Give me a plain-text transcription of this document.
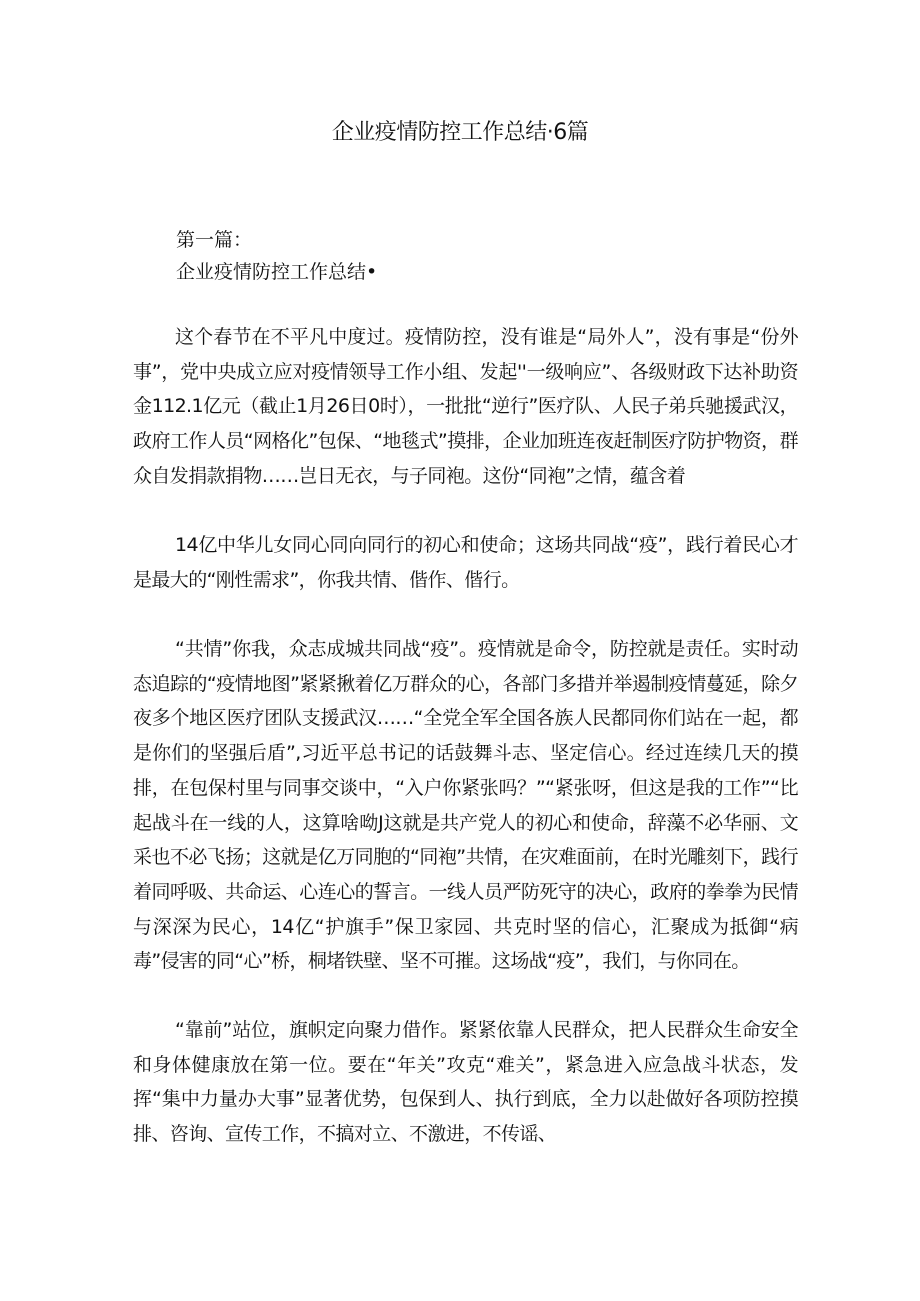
企业疫情防控工作总结·6篇

第一篇：

企业疫情防控工作总结•

这个春节在不平凡中度过。疫情防控，没有谁是“局外人”，没有事是“份外事”，党中央成立应对疫情领导工作小组、发起''一级响应”、各级财政下达补助资金112.1亿元（截止1月26日0时），一批批“逆行”医疗队、人民子弟兵驰援武汉，政府工作人员“网格化”包保、“地毯式”摸排，企业加班连夜赶制医疗防护物资，群众自发捐款捐物……岂日无衣，与子同袍。这份“同袍”之情，蕴含着

14亿中华儿女同心同向同行的初心和使命；这场共同战“疫”，践行着民心才是最大的“刚性需求”，你我共情、偕作、偕行。

“共情”你我，众志成城共同战“疫”。疫情就是命令，防控就是责任。实时动态追踪的“疫情地图”紧紧揪着亿万群众的心，各部门多措并举遏制疫情蔓延，除夕夜多个地区医疗团队支援武汉……“全党全军全国各族人民都同你们站在一起，都是你们的坚强后盾”,习近平总书记的话鼓舞斗志、坚定信心。经过连续几天的摸排，在包保村里与同事交谈中，“入户你紧张吗？”“紧张呀，但这是我的工作”“比起战斗在一线的人，这算啥呦J这就是共产党人的初心和使命，辞藻不必华丽、文采也不必飞扬；这就是亿万同胞的“同袍”共情，在灾难面前，在时光雕刻下，践行着同呼吸、共命运、心连心的誓言。一线人员严防死守的决心，政府的拳拳为民情与深深为民心，14亿“护旗手”保卫家园、共克时坚的信心，汇聚成为抵御“病毒”侵害的同“心”桥，桐堵铁壁、坚不可摧。这场战“疫”，我们，与你同在。

“靠前”站位，旗帜定向聚力借作。紧紧依靠人民群众，把人民群众生命安全和身体健康放在第一位。要在“年关”攻克“难关”，紧急进入应急战斗状态，发挥“集中力量办大事”显著优势，包保到人、执行到底，全力以赴做好各项防控摸排、咨询、宣传工作，不搞对立、不激进，不传谣、
